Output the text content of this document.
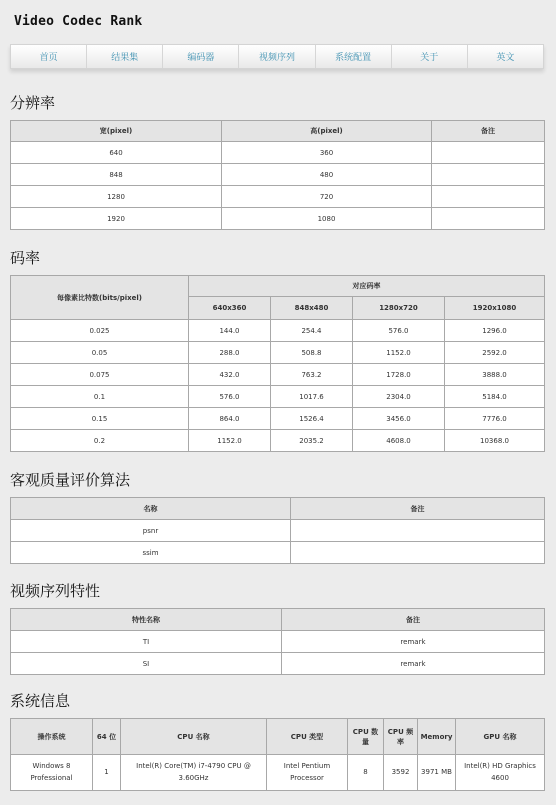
Video Codec Rank
首页	结果集	编码器	视频序列	系统配置	关于	英文
分辨率
宽(pixel)	高(pixel)	备注
640	360	
848	480	
1280	720	
1920	1080	
码率
每像素比特数(bits/pixel)	对应码率			
	640x360	848x480	1280x720	1920x1080
0.025	144.0	254.4	576.0	1296.0
0.05	288.0	508.8	1152.0	2592.0
0.075	432.0	763.2	1728.0	3888.0
0.1	576.0	1017.6	2304.0	5184.0
0.15	864.0	1526.4	3456.0	7776.0
0.2	1152.0	2035.2	4608.0	10368.0
客观质量评价算法
名称	备注
psnr	
ssim	
视频序列特性
特性名称	备注
TI	remark
SI	remark
系统信息
操作系统	64 位	CPU 名称	CPU 类型	CPU 数量	CPU 频率	Memory	GPU 名称
Windows 8 Professional	1	Intel(R) Core(TM) i7-4790 CPU @ 3.60GHz	Intel Pentium Processor	8	3592	3971 MB	Intel(R) HD Graphics 4600
